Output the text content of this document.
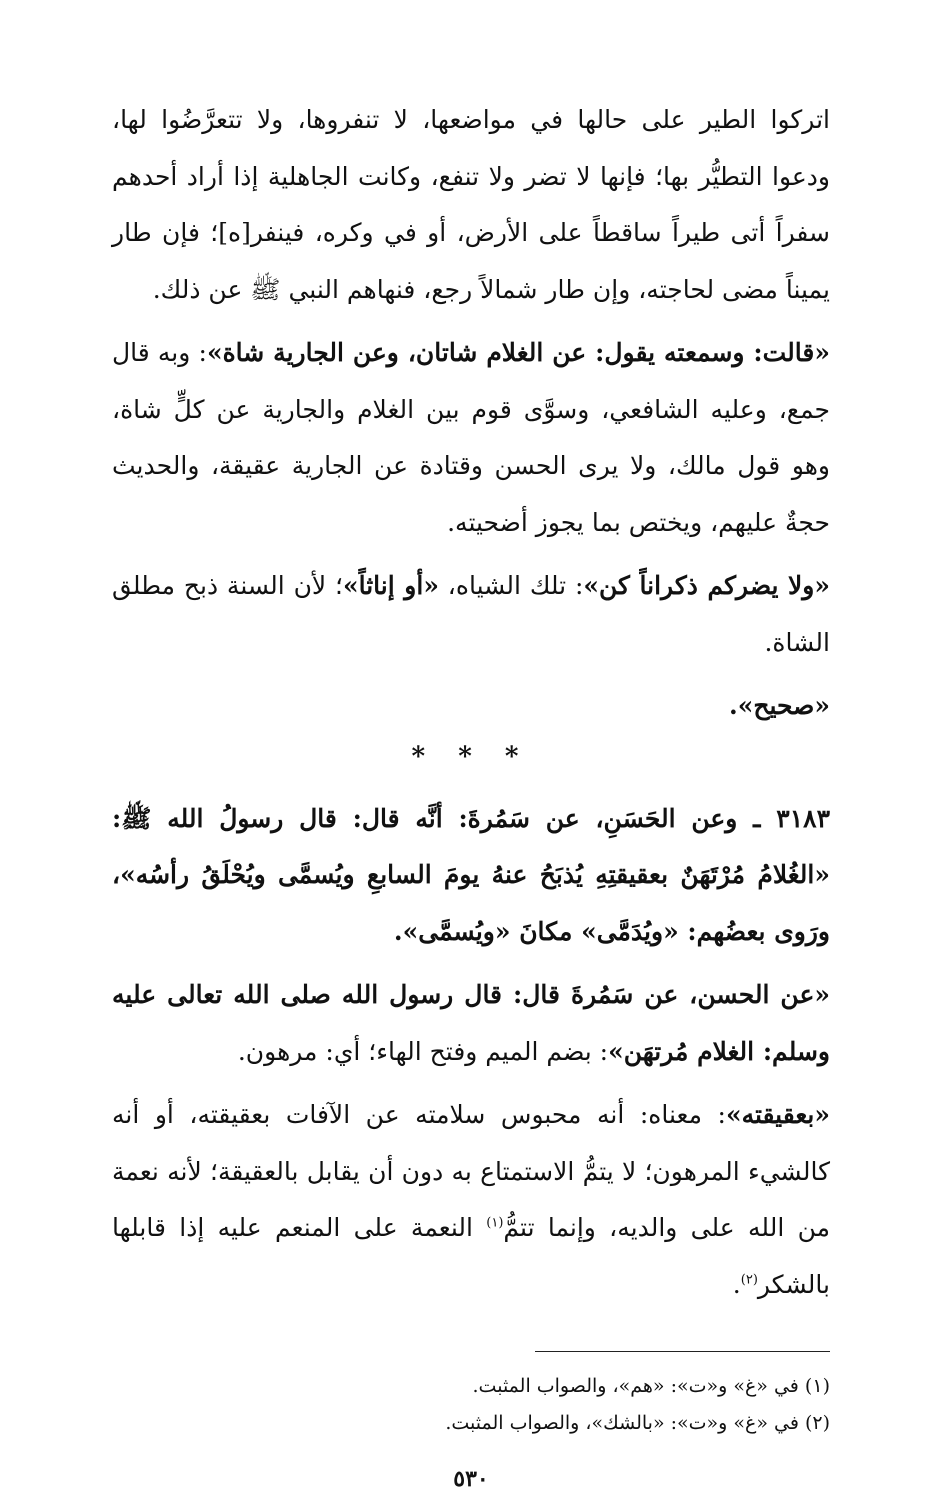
اتركوا الطير على حالها في مواضعها، لا تنفروها، ولا تتعرَّضُوا لها، ودعوا التطيُّر بها؛ فإنها لا تضر ولا تنفع، وكانت الجاهلية إذا أراد أحدهم سفراً أتى طيراً ساقطاً على الأرض، أو في وكره، فينفر[ه]؛ فإن طار يميناً مضى لحاجته، وإن طار شمالاً رجع، فنهاهم النبي ﷺ عن ذلك.

«قالت: وسمعته يقول: عن الغلام شاتان، وعن الجارية شاة»: وبه قال جمع، وعليه الشافعي، وسوَّى قوم بين الغلام والجارية عن كلٍّ شاة، وهو قول مالك، ولا يرى الحسن وقتادة عن الجارية عقيقة، والحديث حجةٌ عليهم، ويختص بما يجوز أضحيته.

«ولا يضركم ذكراناً كن»: تلك الشياه، «أو إناثاً»؛ لأن السنة ذبح مطلق الشاة.

«صحيح».

* * *

٣١٨٣ ـ وعن الحَسَنِ، عن سَمُرةَ: أنَّه قال: قال رسولُ الله ﷺ: «الغُلامُ مُرْتَهَنٌ بعقيقتِهِ يُذبَحُ عنهُ يومَ السابعِ ويُسمَّى ويُحْلَقُ رأسُه»، ورَوى بعضُهم: «ويُدَمَّى» مكانَ «ويُسمَّى».

«عن الحسن، عن سَمُرةَ قال: قال رسول الله صلى الله تعالى عليه وسلم: الغلام مُرتهَن»: بضم الميم وفتح الهاء؛ أي: مرهون.

«بعقيقته»: معناه: أنه محبوس سلامته عن الآفات بعقيقته، أو أنه كالشيء المرهون؛ لا يتمُّ الاستمتاع به دون أن يقابل بالعقيقة؛ لأنه نعمة من الله على والديه، وإنما تتمُّ$^{(١)}$ النعمة على المنعم عليه إذا قابلها بالشكر$^{(٢)}$.

(١) في «غ» و«ت»: «هم»، والصواب المثبت.

(٢) في «غ» و«ت»: «بالشك»، والصواب المثبت.

٥٣٠
